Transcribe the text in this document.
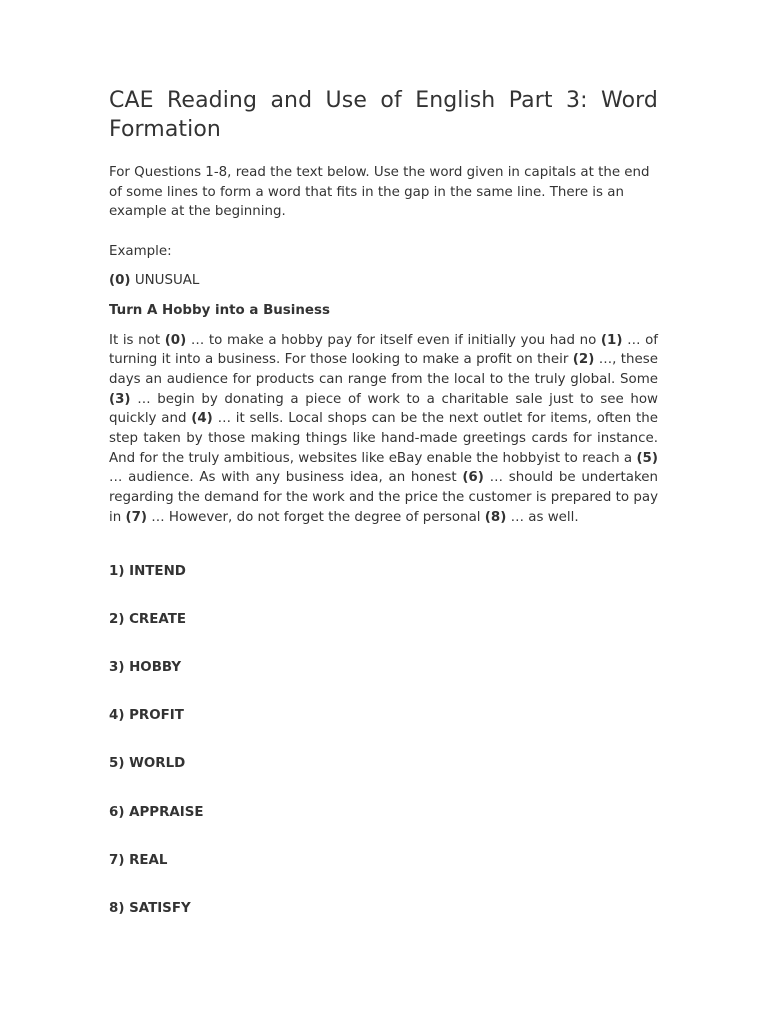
CAE Reading and Use of English Part 3: Word Formation

For Questions 1-8, read the text below. Use the word given in capitals at the end of some lines to form a word that fits in the gap in the same line. There is an example at the beginning.

Example:

(0) UNUSUAL

Turn A Hobby into a Business

It is not (0) … to make a hobby pay for itself even if initially you had no (1) … of turning it into a business. For those looking to make a profit on their (2) …, these days an audience for products can range from the local to the truly global. Some (3) … begin by donating a piece of work to a charitable sale just to see how quickly and (4) … it sells. Local shops can be the next outlet for items, often the step taken by those making things like hand-made greetings cards for instance. And for the truly ambitious, websites like eBay enable the hobbyist to reach a (5) … audience. As with any business idea, an honest (6) … should be undertaken regarding the demand for the work and the price the customer is prepared to pay in (7) … However, do not forget the degree of personal (8) … as well.

1) INTEND
2) CREATE
3) HOBBY
4) PROFIT
5) WORLD
6) APPRAISE
7) REAL
8) SATISFY
